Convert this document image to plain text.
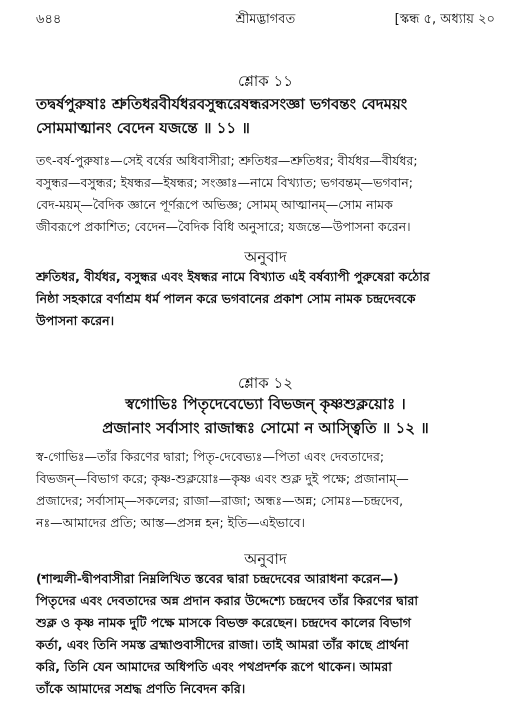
৬৪৪	শ্রীমদ্ভাগবত	[স্কন্ধ ৫, অধ্যায় ২০
শ্লোক ১১
তদ্বর্ষপুরুষাঃ শ্রুতিধরবীর্যধরবসুন্ধরেষন্ধরসংজ্ঞা ভগবন্তং বেদময়ং
সোমমাত্মানং বেদেন যজন্তে ॥ ১১ ॥
তৎ-বর্ষ-পুরুষাঃ—সেই বর্ষের অধিবাসীরা; শ্রুতিধর—শ্রুতিধর; বীর্যধর—বীর্যধর;
বসুন্ধর—বসুন্ধর; ইষন্ধর—ইষন্ধর; সংজ্ঞাঃ—নামে বিখ্যাত; ভগবন্তম্—ভগবান;
বেদ-ময়ম্—বৈদিক জ্ঞানে পূর্ণরূপে অভিজ্ঞ; সোমম্ আত্মানম্—সোম নামক
জীবরূপে প্রকাশিত; বেদেন—বৈদিক বিধি অনুসারে; যজন্তে—উপাসনা করেন।
অনুবাদ
শ্রুতিধর, বীর্যধর, বসুন্ধর এবং ইষন্ধর নামে বিখ্যাত এই বর্ষব্যাপী পুরুষেরা কঠোর
নিষ্ঠা সহকারে বর্ণাশ্রম ধর্ম পালন করে ভগবানের প্রকাশ সোম নামক চন্দ্রদেবকে
উপাসনা করেন।
শ্লোক ১২
স্বগোভিঃ পিতৃদেবেভ্যো বিভজন্ কৃষ্ণশুক্লয়োঃ ।
প্রজানাং সর্বাসাং রাজান্ধঃ সোমো ন আস্ত্বিতি ॥ ১২ ॥
স্ব-গোভিঃ—তাঁর কিরণের দ্বারা; পিতৃ-দেবেভ্যঃ—পিতা এবং দেবতাদের;
বিভজন্—বিভাগ করে; কৃষ্ণ-শুক্লয়োঃ—কৃষ্ণ এবং শুক্ল দুই পক্ষে; প্রজানাম্—
প্রজাদের; সর্বাসাম্—সকলের; রাজা—রাজা; অন্ধঃ—অন্ন; সোমঃ—চন্দ্রদেব,
নঃ—আমাদের প্রতি; আস্ত—প্রসন্ন হন; ইতি—এইভাবে।
অনুবাদ
(শাল্মলী-দ্বীপবাসীরা নিম্নলিখিত স্তবের দ্বারা চন্দ্রদেবের আরাধনা করেন—)
পিতৃদের এবং দেবতাদের অন্ন প্রদান করার উদ্দেশ্যে চন্দ্রদেব তাঁর কিরণের দ্বারা
শুক্ল ও কৃষ্ণ নামক দুটি পক্ষে মাসকে বিভক্ত করেছেন। চন্দ্রদেব কালের বিভাগ
কর্তা, এবং তিনি সমস্ত ব্রহ্মাণ্ডবাসীদের রাজা। তাই আমরা তাঁর কাছে প্রার্থনা
করি, তিনি যেন আমাদের অধিপতি এবং পথপ্রদর্শক রূপে থাকেন। আমরা
তাঁকে আমাদের সশ্রদ্ধ প্রণতি নিবেদন করি।
